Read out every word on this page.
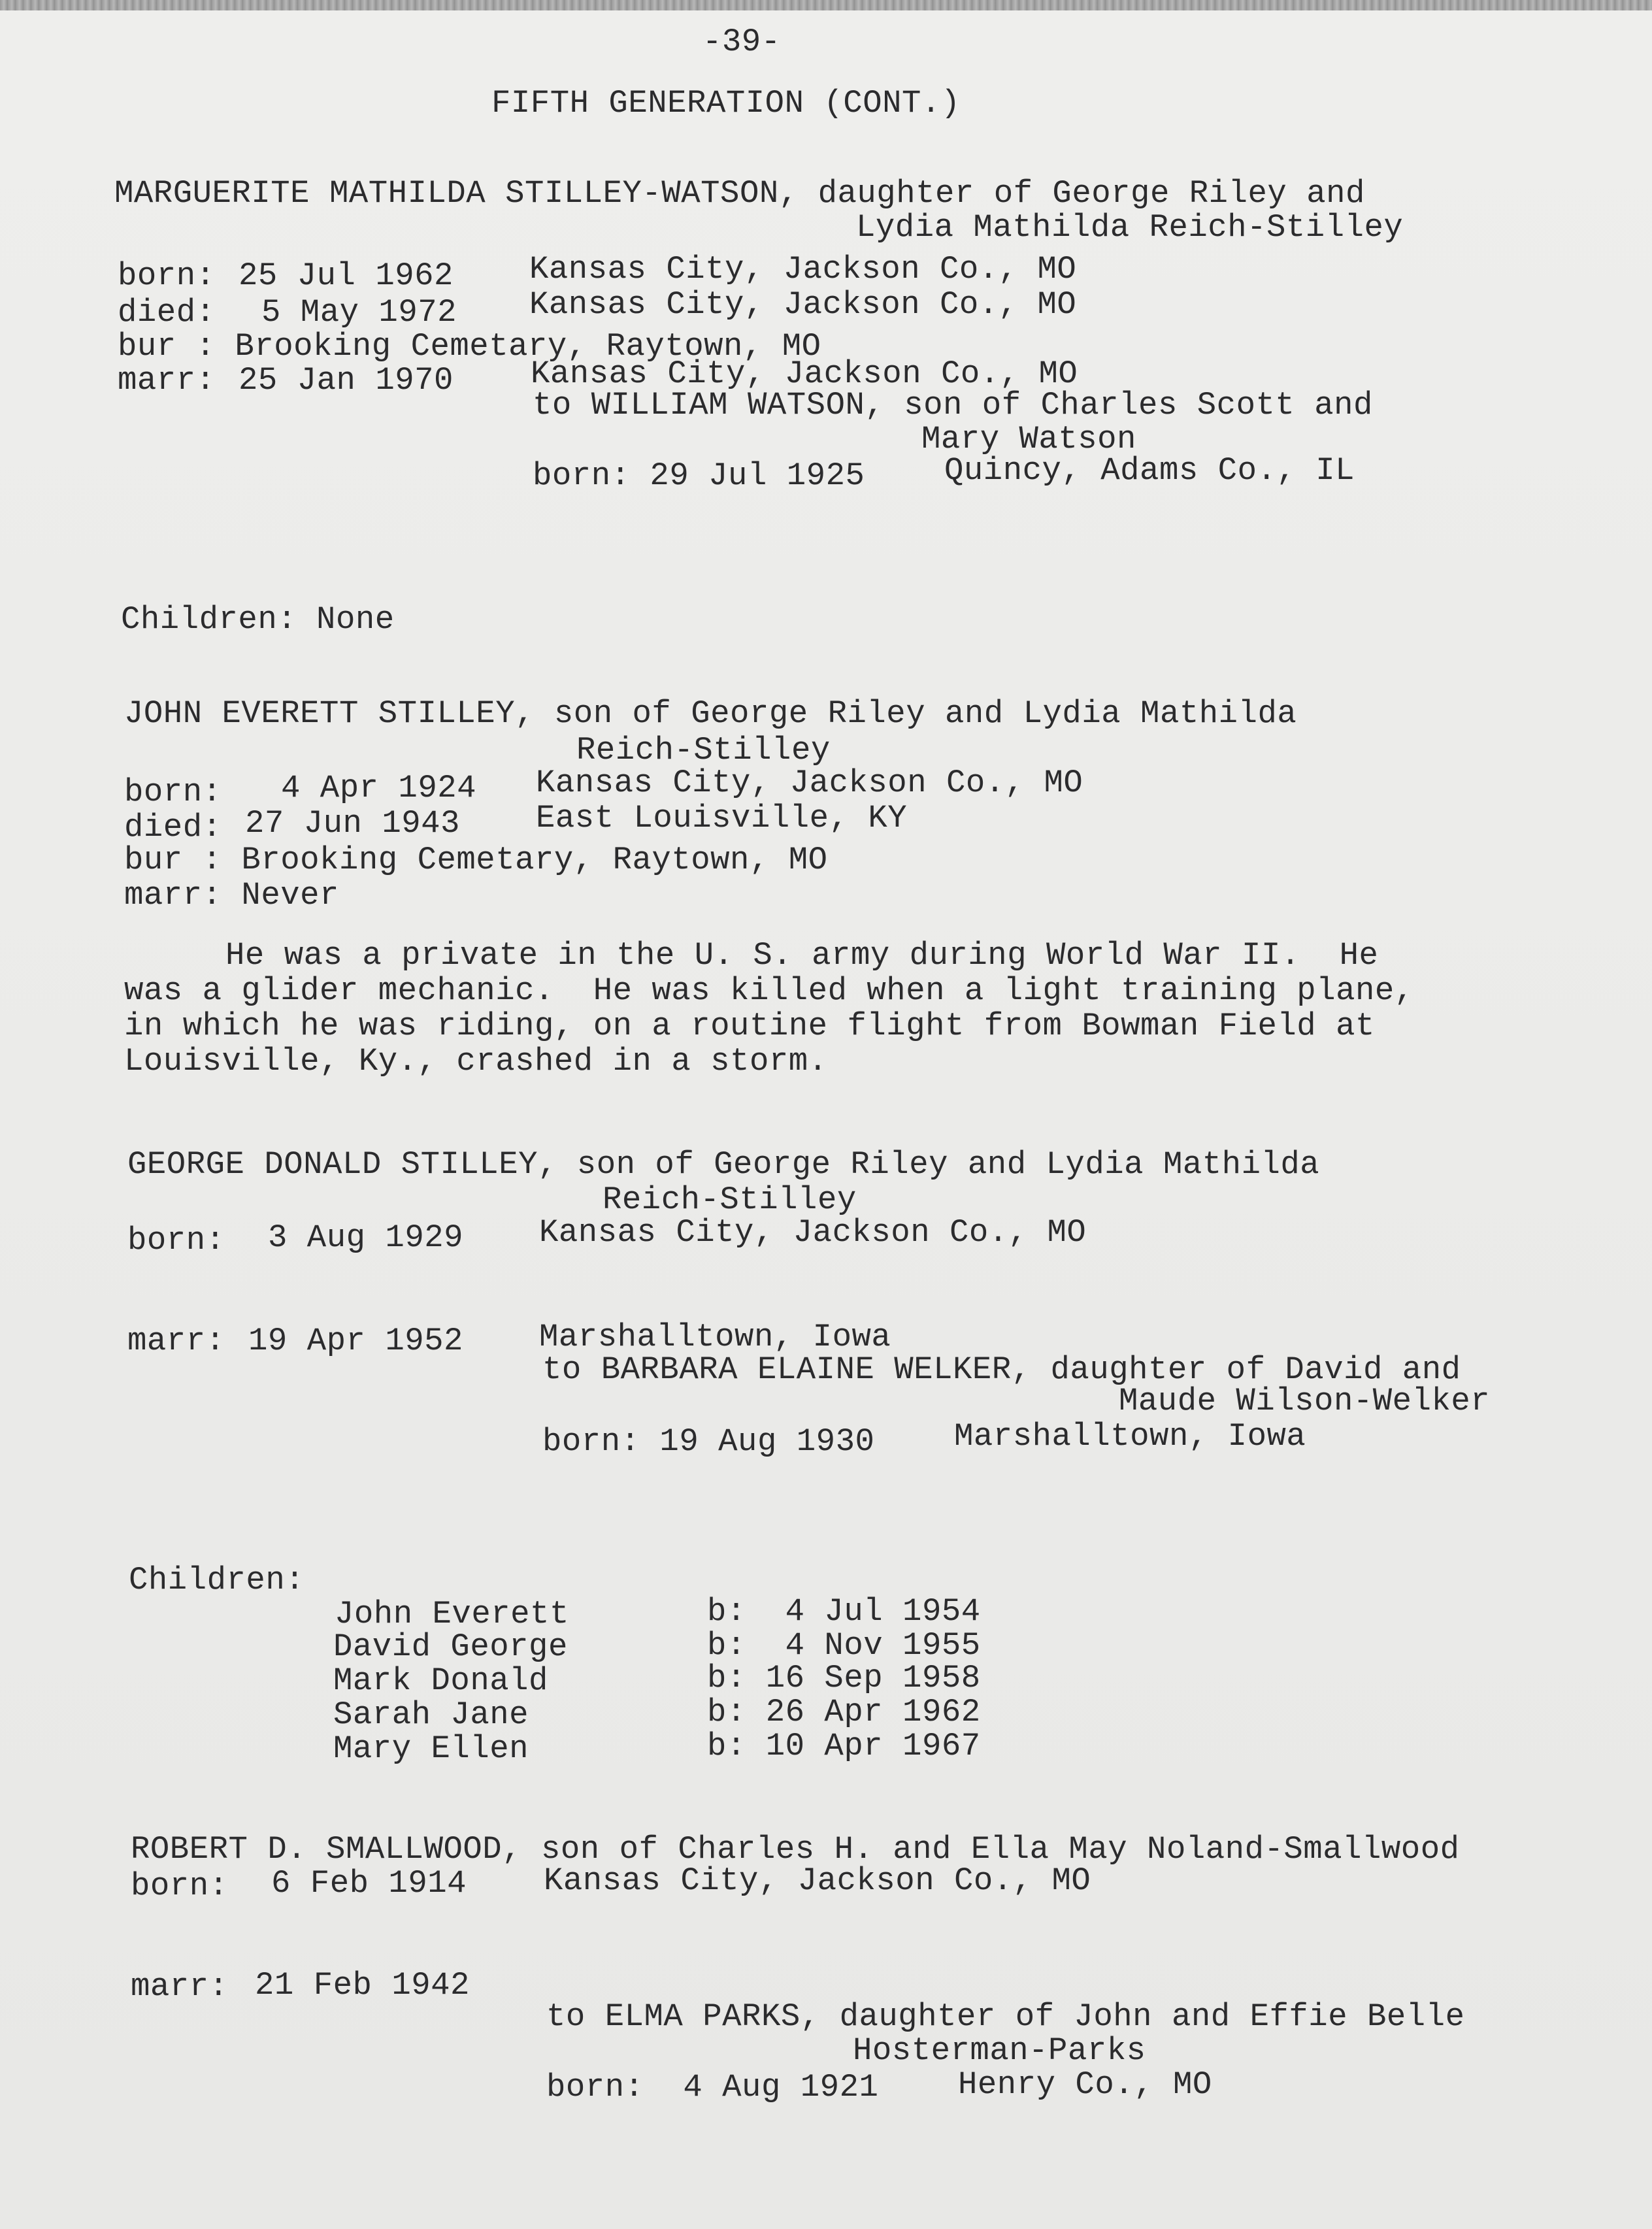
-39-
FIFTH GENERATION (CONT.)
MARGUERITE MATHILDA STILLEY-WATSON, daughter of George Riley and
Lydia Mathilda Reich-Stilley
born: 25 Jul 1962 Kansas City, Jackson Co., MO
died: 5 May 1972 Kansas City, Jackson Co., MO
bur : Brooking Cemetary, Raytown, MO
marr: 25 Jan 1970 Kansas City, Jackson Co., MO
to WILLIAM WATSON, son of Charles Scott and
Mary Watson
born: 29 Jul 1925 Quincy, Adams Co., IL
Children: None
JOHN EVERETT STILLEY, son of George Riley and Lydia Mathilda
Reich-Stilley
born: 4 Apr 1924 Kansas City, Jackson Co., MO
died: 27 Jun 1943 East Louisville, KY
bur : Brooking Cemetary, Raytown, MO
marr: Never
He was a private in the U. S. army during World War II.  He
was a glider mechanic.  He was killed when a light training plane,
in which he was riding, on a routine flight from Bowman Field at
Louisville, Ky., crashed in a storm.
GEORGE DONALD STILLEY, son of George Riley and Lydia Mathilda
Reich-Stilley
born: 3 Aug 1929 Kansas City, Jackson Co., MO
marr: 19 Apr 1952 Marshalltown, Iowa
to BARBARA ELAINE WELKER, daughter of David and
Maude Wilson-Welker
born: 19 Aug 1930 Marshalltown, Iowa
Children:
John Everett	b:  4 Jul 1954
David George	b:  4 Nov 1955
Mark Donald	b: 16 Sep 1958
Sarah Jane	b: 26 Apr 1962
Mary Ellen	b: 10 Apr 1967
ROBERT D. SMALLWOOD, son of Charles H. and Ella May Noland-Smallwood
born: 6 Feb 1914 Kansas City, Jackson Co., MO
marr: 21 Feb 1942
to ELMA PARKS, daughter of John and Effie Belle
Hosterman-Parks
born:  4 Aug 1921 Henry Co., MO
